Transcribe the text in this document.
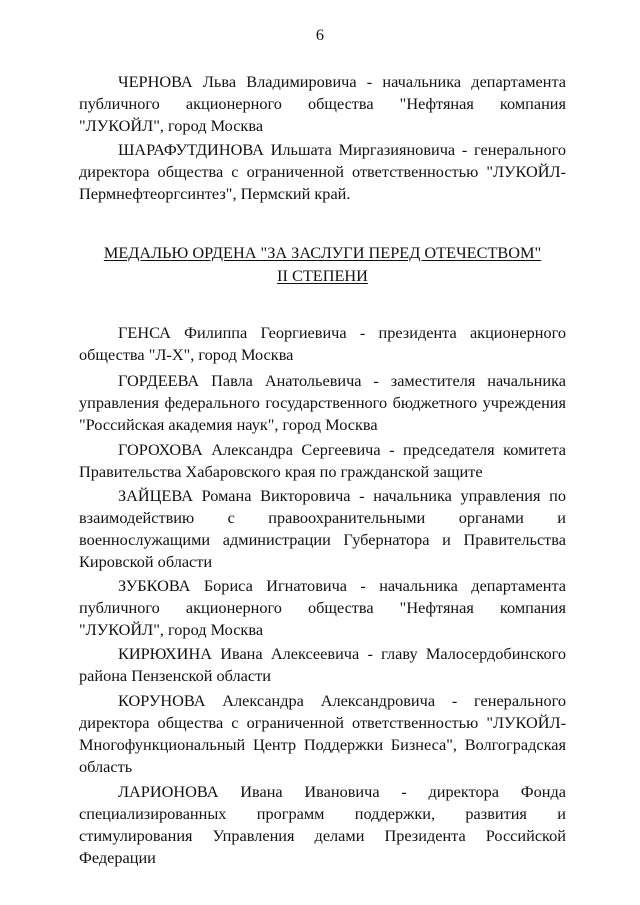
6

ЧЕРНОВА Льва Владимировича - начальника департамента публичного акционерного общества "Нефтяная компания "ЛУКОЙЛ", город Москва

ШАРАФУТДИНОВА Ильшата Миргазияновича - генерального директора общества с ограниченной ответственностью "ЛУКОЙЛ-Пермнефтеоргсинтез", Пермский край.

МЕДАЛЬЮ ОРДЕНА "ЗА ЗАСЛУГИ ПЕРЕД ОТЕЧЕСТВОМ"
II СТЕПЕНИ

ГЕНСА Филиппа Георгиевича - президента акционерного общества "Л-Х", город Москва

ГОРДЕЕВА Павла Анатольевича - заместителя начальника управления федерального государственного бюджетного учреждения "Российская академия наук", город Москва

ГОРОХОВА Александра Сергеевича - председателя комитета Правительства Хабаровского края по гражданской защите

ЗАЙЦЕВА Романа Викторовича - начальника управления по взаимодействию с правоохранительными органами и военнослужащими администрации Губернатора и Правительства Кировской области

ЗУБКОВА Бориса Игнатовича - начальника департамента публичного акционерного общества "Нефтяная компания "ЛУКОЙЛ", город Москва

КИРЮХИНА Ивана Алексеевича - главу Малосердобинского района Пензенской области

КОРУНОВА Александра Александровича - генерального директора общества с ограниченной ответственностью "ЛУКОЙЛ-Многофункциональный Центр Поддержки Бизнеса", Волгоградская область

ЛАРИОНОВА Ивана Ивановича - директора Фонда специализированных программ поддержки, развития и стимулирования Управления делами Президента Российской Федерации
